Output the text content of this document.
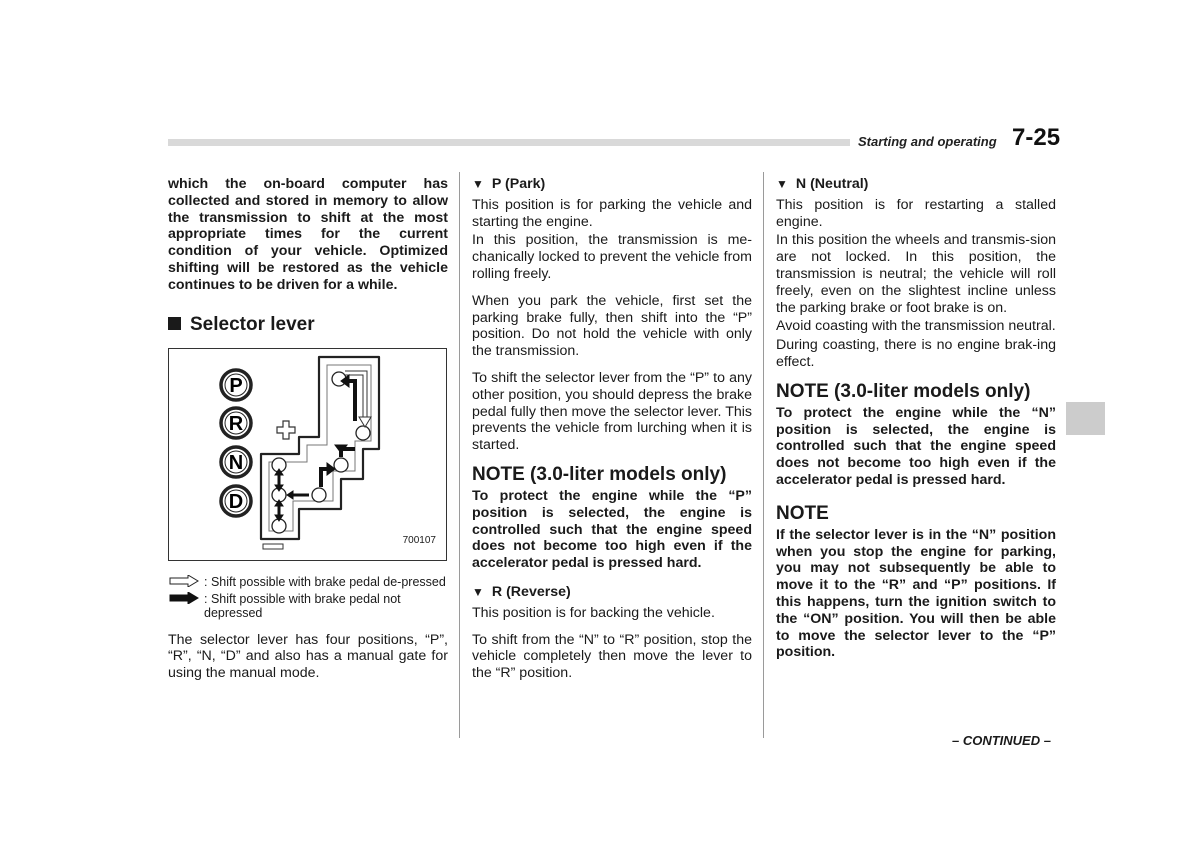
Starting and operating 7-25

which the on-board computer has collected and stored in memory to allow the transmission to shift at the most appropriate times for the current condition of your vehicle. Optimized shifting will be restored as the vehicle continues to be driven for a while.

Selector lever
P
R
N
D
700107
: Shift possible with brake pedal de-pressed
: Shift possible with brake pedal not depressed

The selector lever has four positions, “P”, “R”, “N, “D” and also has a manual gate for using the manual mode.

▼ P (Park)

This position is for parking the vehicle and starting the engine.

In this position, the transmission is me-chanically locked to prevent the vehicle from rolling freely.

When you park the vehicle, first set the parking brake fully, then shift into the “P” position. Do not hold the vehicle with only the transmission.

To shift the selector lever from the “P” to any other position, you should depress the brake pedal fully then move the selector lever. This prevents the vehicle from lurching when it is started.

NOTE (3.0-liter models only)

To protect the engine while the “P” position is selected, the engine is controlled such that the engine speed does not become too high even if the accelerator pedal is pressed hard.

▼ R (Reverse)

This position is for backing the vehicle.

To shift from the “N” to “R” position, stop the vehicle completely then move the lever to the “R” position.

▼ N (Neutral)

This position is for restarting a stalled engine.

In this position the wheels and transmis-sion are not locked. In this position, the transmission is neutral; the vehicle will roll freely, even on the slightest incline unless the parking brake or foot brake is on.

Avoid coasting with the transmission neutral.

During coasting, there is no engine brak-ing effect.

NOTE (3.0-liter models only)

To protect the engine while the “N” position is selected, the engine is controlled such that the engine speed does not become too high even if the accelerator pedal is pressed hard.

NOTE

If the selector lever is in the “N” position when you stop the engine for parking, you may not subsequently be able to move it to the “R” and “P” positions. If this happens, turn the ignition switch to the “ON” position. You will then be able to move the selector lever to the “P” position.

– CONTINUED –
